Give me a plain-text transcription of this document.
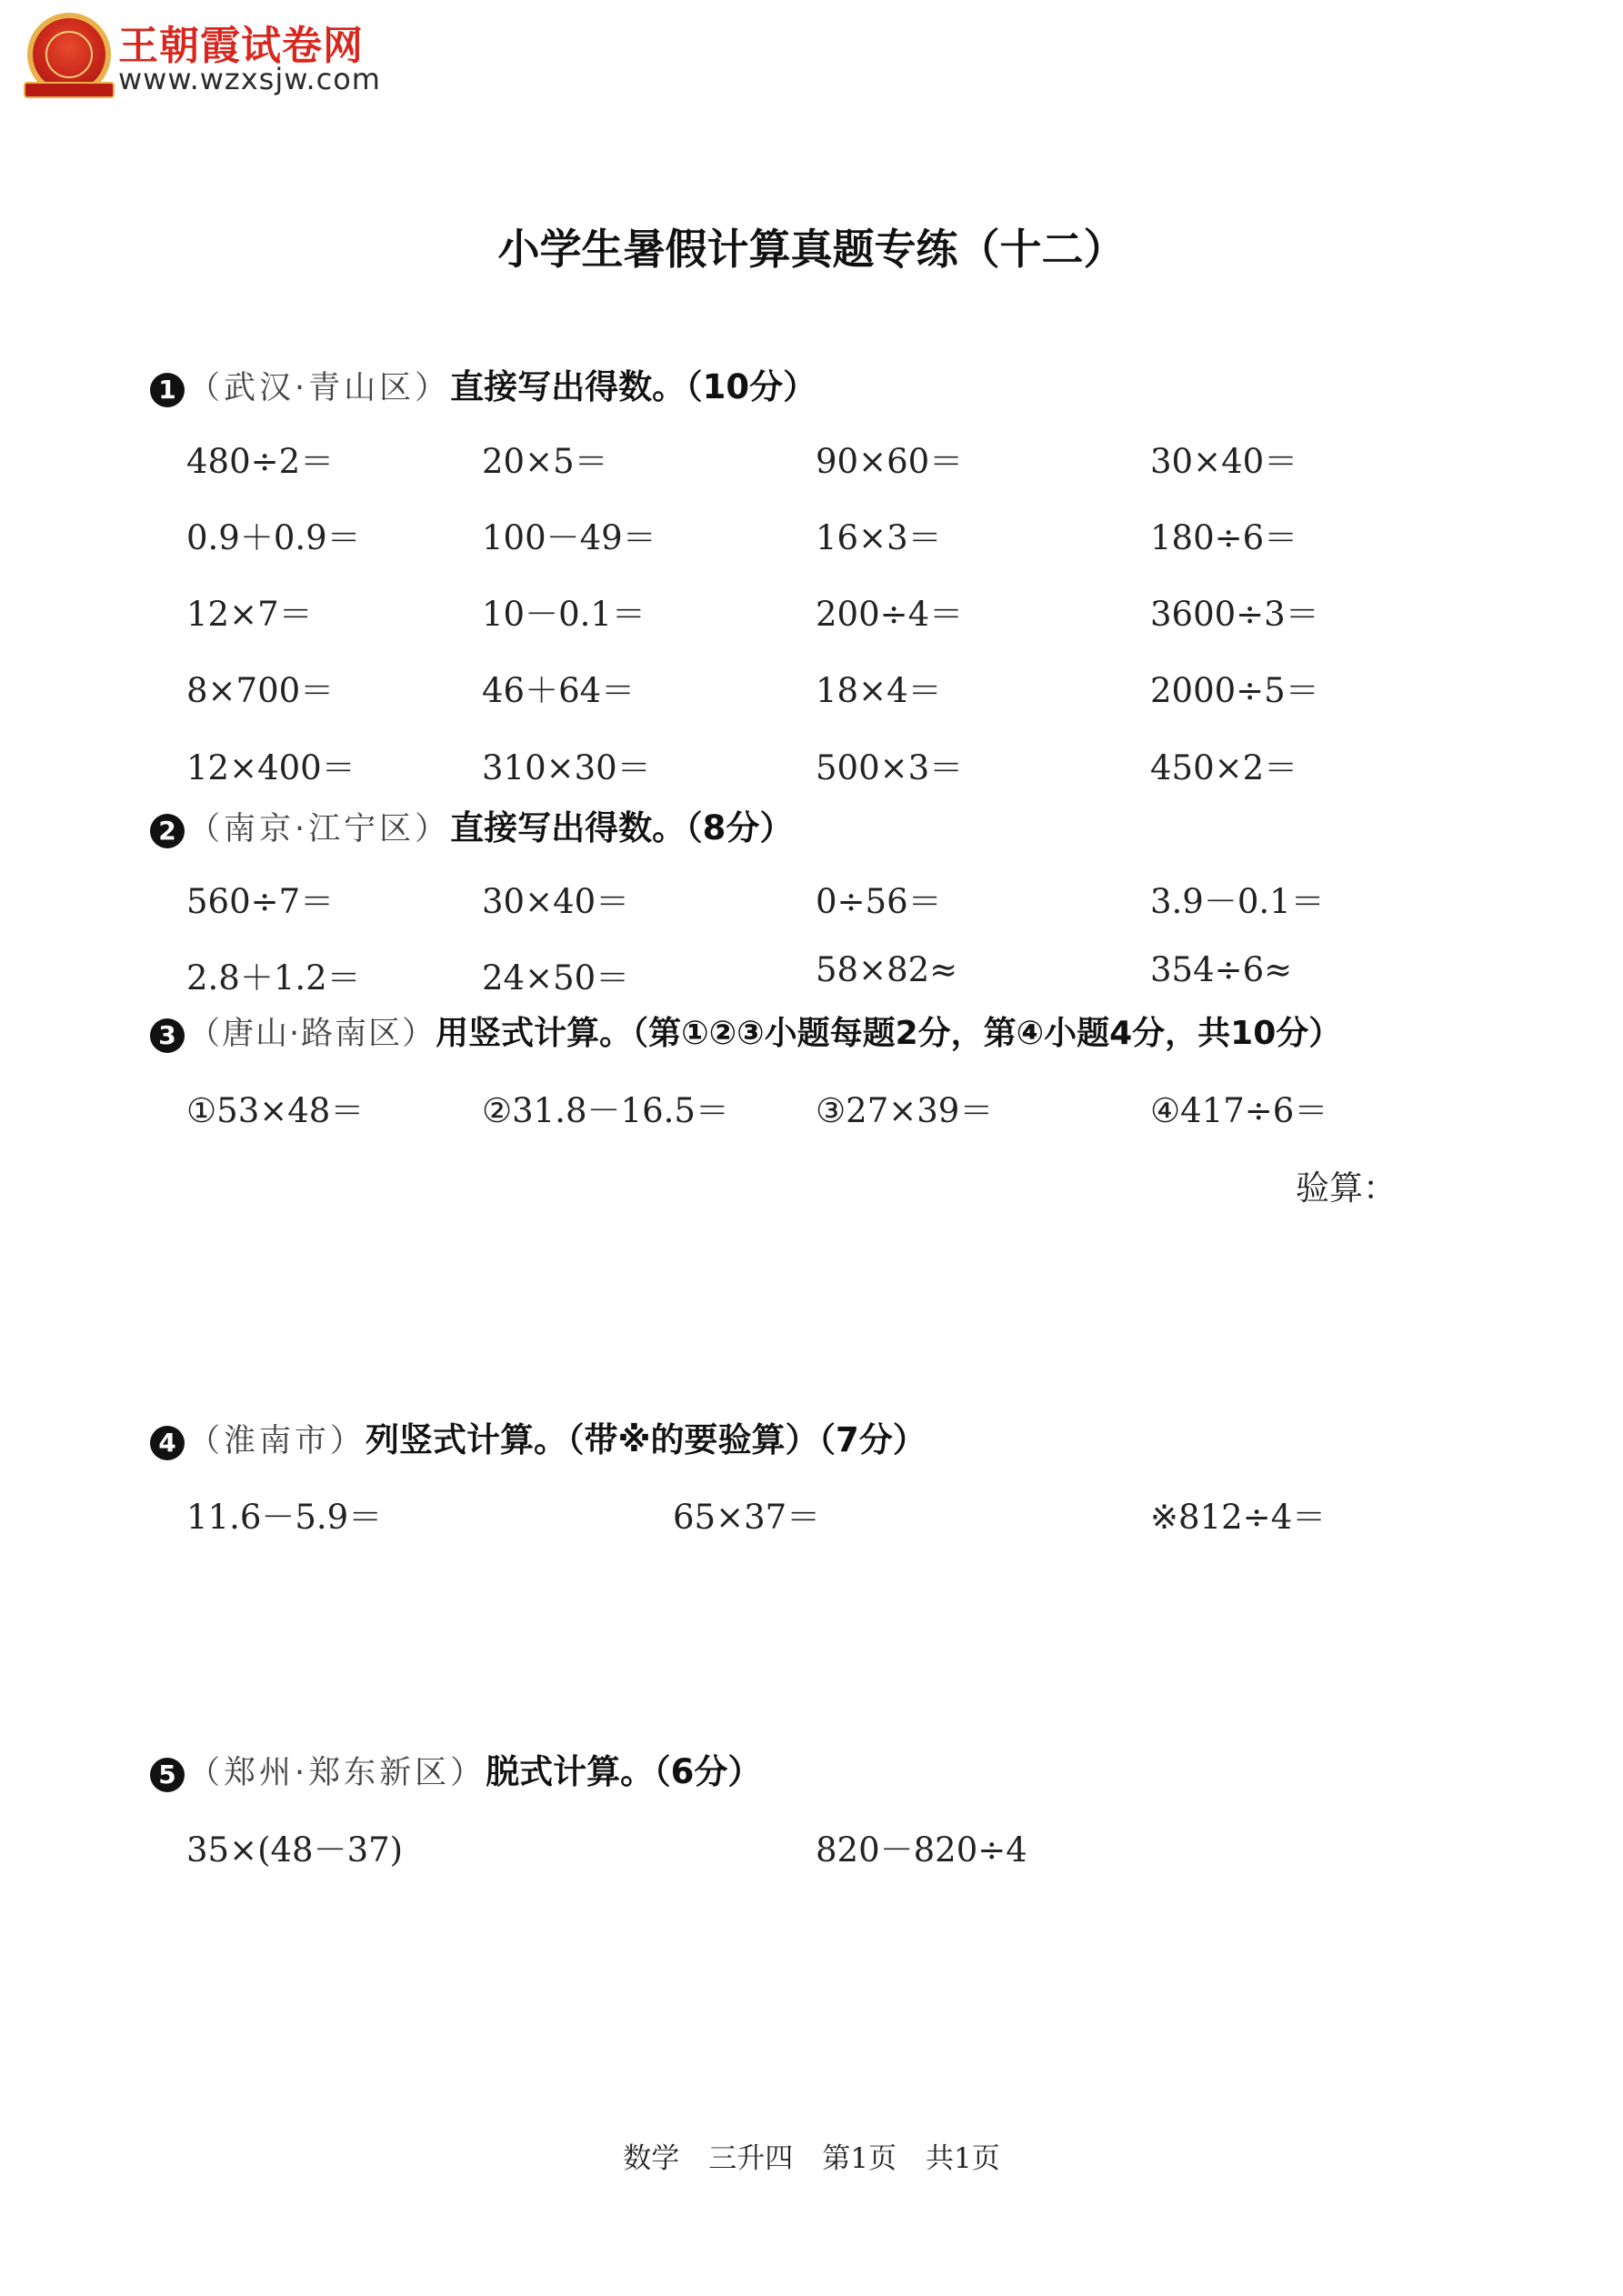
王朝霞试卷网
www.wzxsjw.com
小学生暑假计算真题专练（十二）
1 （武汉·青山区）直接写出得数。（10分）
480÷2＝	20×5＝	90×60＝	30×40＝
0.9＋0.9＝	100－49＝	16×3＝	180÷6＝
12×7＝	10－0.1＝	200÷4＝	3600÷3＝
8×700＝	46＋64＝	18×4＝	2000÷5＝
12×400＝	310×30＝	500×3＝	450×2＝
2 （南京·江宁区）直接写出得数。（8分）
560÷7＝	30×40＝	0÷56＝	3.9－0.1＝
2.8＋1.2＝	24×50＝	58×82≈	354÷6≈
3 （唐山·路南区）用竖式计算。（第①②③小题每题2分，第④小题4分，共10分）
①53×48＝	②31.8－16.5＝	③27×39＝	④417÷6＝
验算：
4 （淮南市）列竖式计算。（带※的要验算）（7分）
11.6－5.9＝	65×37＝	※812÷4＝
5 （郑州·郑东新区）脱式计算。（6分）
35×(48－37)	820－820÷4
数学 三升四 第1页 共1页
